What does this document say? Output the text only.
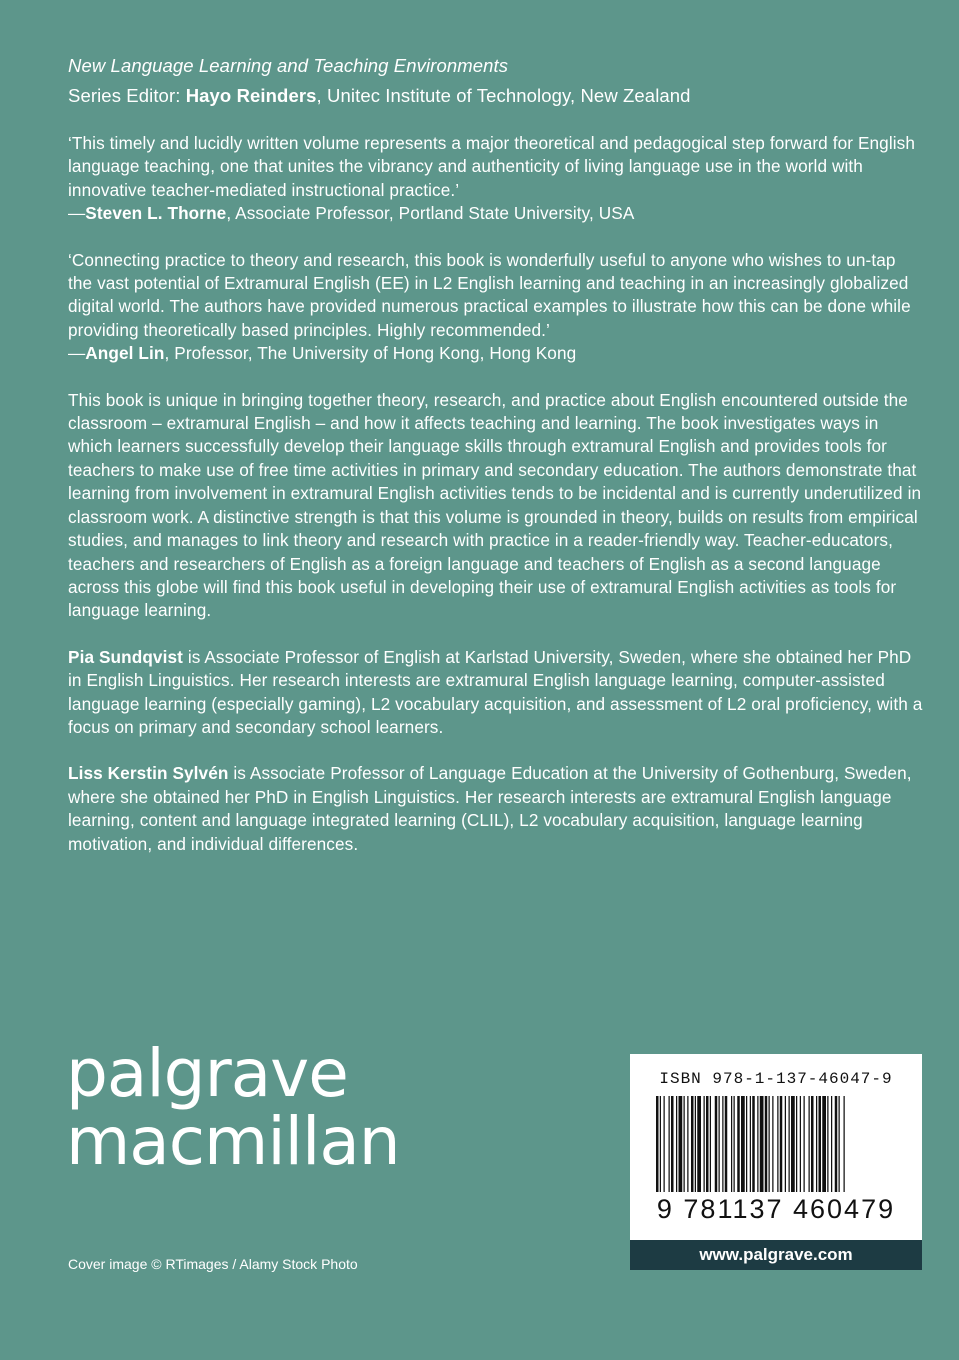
New Language Learning and Teaching Environments

Series Editor: Hayo Reinders, Unitec Institute of Technology, New Zealand

‘This timely and lucidly written volume represents a major theoretical and pedagogical step forward for English language teaching, one that unites the vibrancy and authenticity of living language use in the world with innovative teacher-mediated instructional practice.’

—Steven L. Thorne, Associate Professor, Portland State University, USA

‘Connecting practice to theory and research, this book is wonderfully useful to anyone who wishes to un-tap the vast potential of Extramural English (EE) in L2 English learning and teaching in an increasingly globalized digital world. The authors have provided numerous practical examples to illustrate how this can be done while providing theoretically based principles. Highly recommended.’

—Angel Lin, Professor, The University of Hong Kong, Hong Kong

This book is unique in bringing together theory, research, and practice about English encountered outside the classroom – extramural English – and how it affects teaching and learning. The book investigates ways in which learners successfully develop their language skills through extramural English and provides tools for teachers to make use of free time activities in primary and secondary education. The authors demonstrate that learning from involvement in extramural English activities tends to be incidental and is currently underutilized in classroom work. A distinctive strength is that this volume is grounded in theory, builds on results from empirical studies, and manages to link theory and research with practice in a reader-friendly way. Teacher-educators, teachers and researchers of English as a foreign language and teachers of English as a second language across this globe will find this book useful in developing their use of extramural English activities as tools for language learning.

Pia Sundqvist is Associate Professor of English at Karlstad University, Sweden, where she obtained her PhD in English Linguistics. Her research interests are extramural English language learning, computer-assisted language learning (especially gaming), L2 vocabulary acquisition, and assessment of L2 oral proficiency, with a focus on primary and secondary school learners.

Liss Kerstin Sylvén is Associate Professor of Language Education at the University of Gothenburg, Sweden, where she obtained her PhD in English Linguistics. Her research interests are extramural English language learning, content and language integrated learning (CLIL), L2 vocabulary acquisition, language learning motivation, and individual differences.

palgrave
macmillan
Cover image © RTimages / Alamy Stock Photo
ISBN 978-1-137-46047-9
9 781137 460479
www.palgrave.com
